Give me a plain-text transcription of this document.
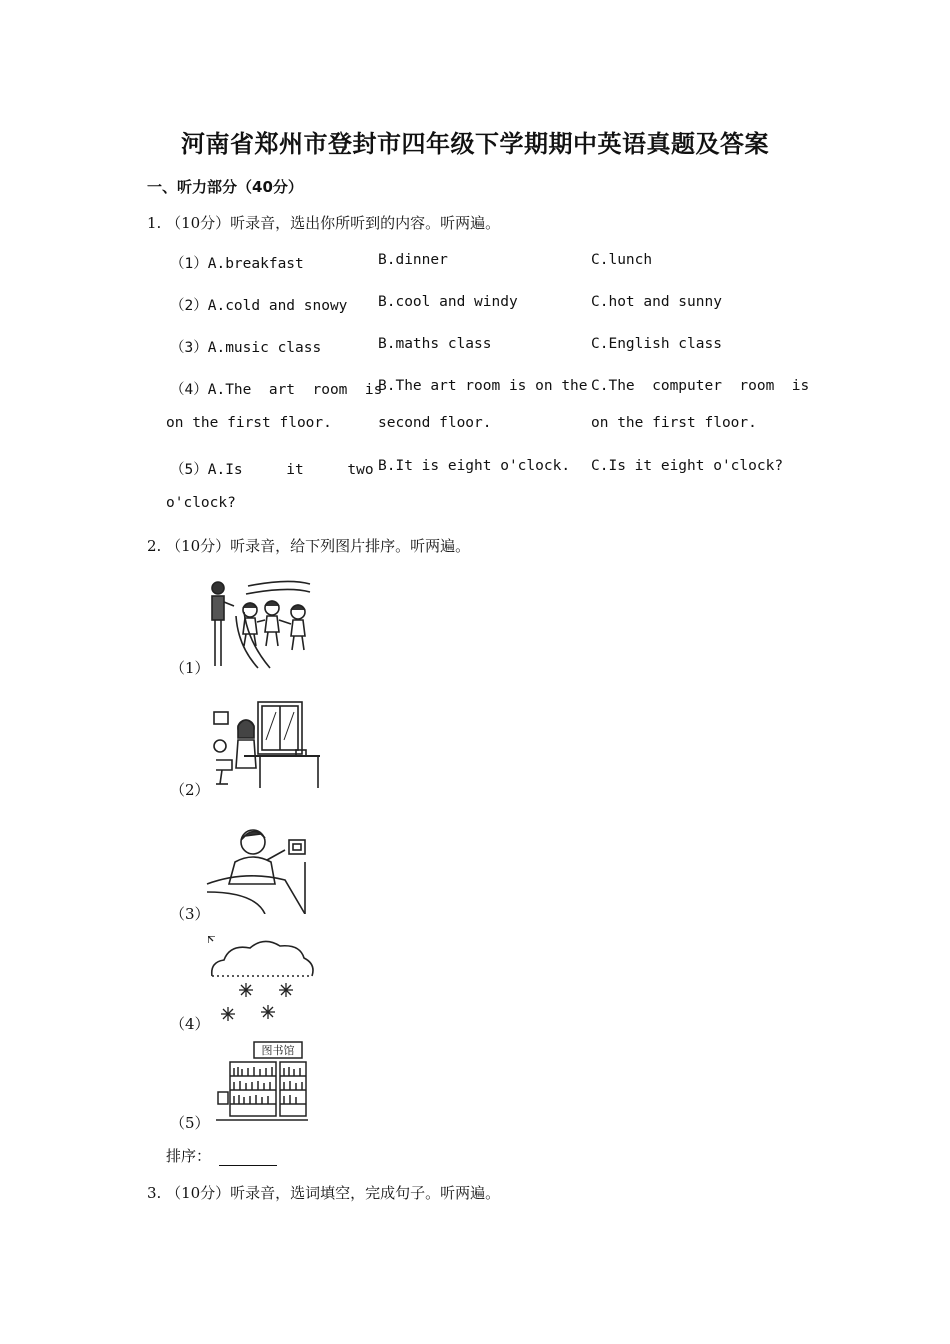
河南省郑州市登封市四年级下学期期中英语真题及答案
一、听力部分（40分）
1. （10分）听录音，选出你所听到的内容。听两遍。
（1）A.breakfast	B.dinner	C.lunch
（2）A.cold and snowy B.cool and windy	C.hot and sunny
（3）A.music class	B.maths class	C.English class
（4）A.The  art  room  is
on the first floor.
B.The art room is on the
second floor.
C.The  computer  room  is
on the first floor.
（5）A.Is     it     two
o'clock?
B.It is eight o'clock. C.Is it eight o'clock?
2. （10分）听录音，给下列图片排序。听两遍。
（1）
（2）
（3）
（4）
图书馆
（5）
排序：
3. （10分）听录音，选词填空，完成句子。听两遍。
